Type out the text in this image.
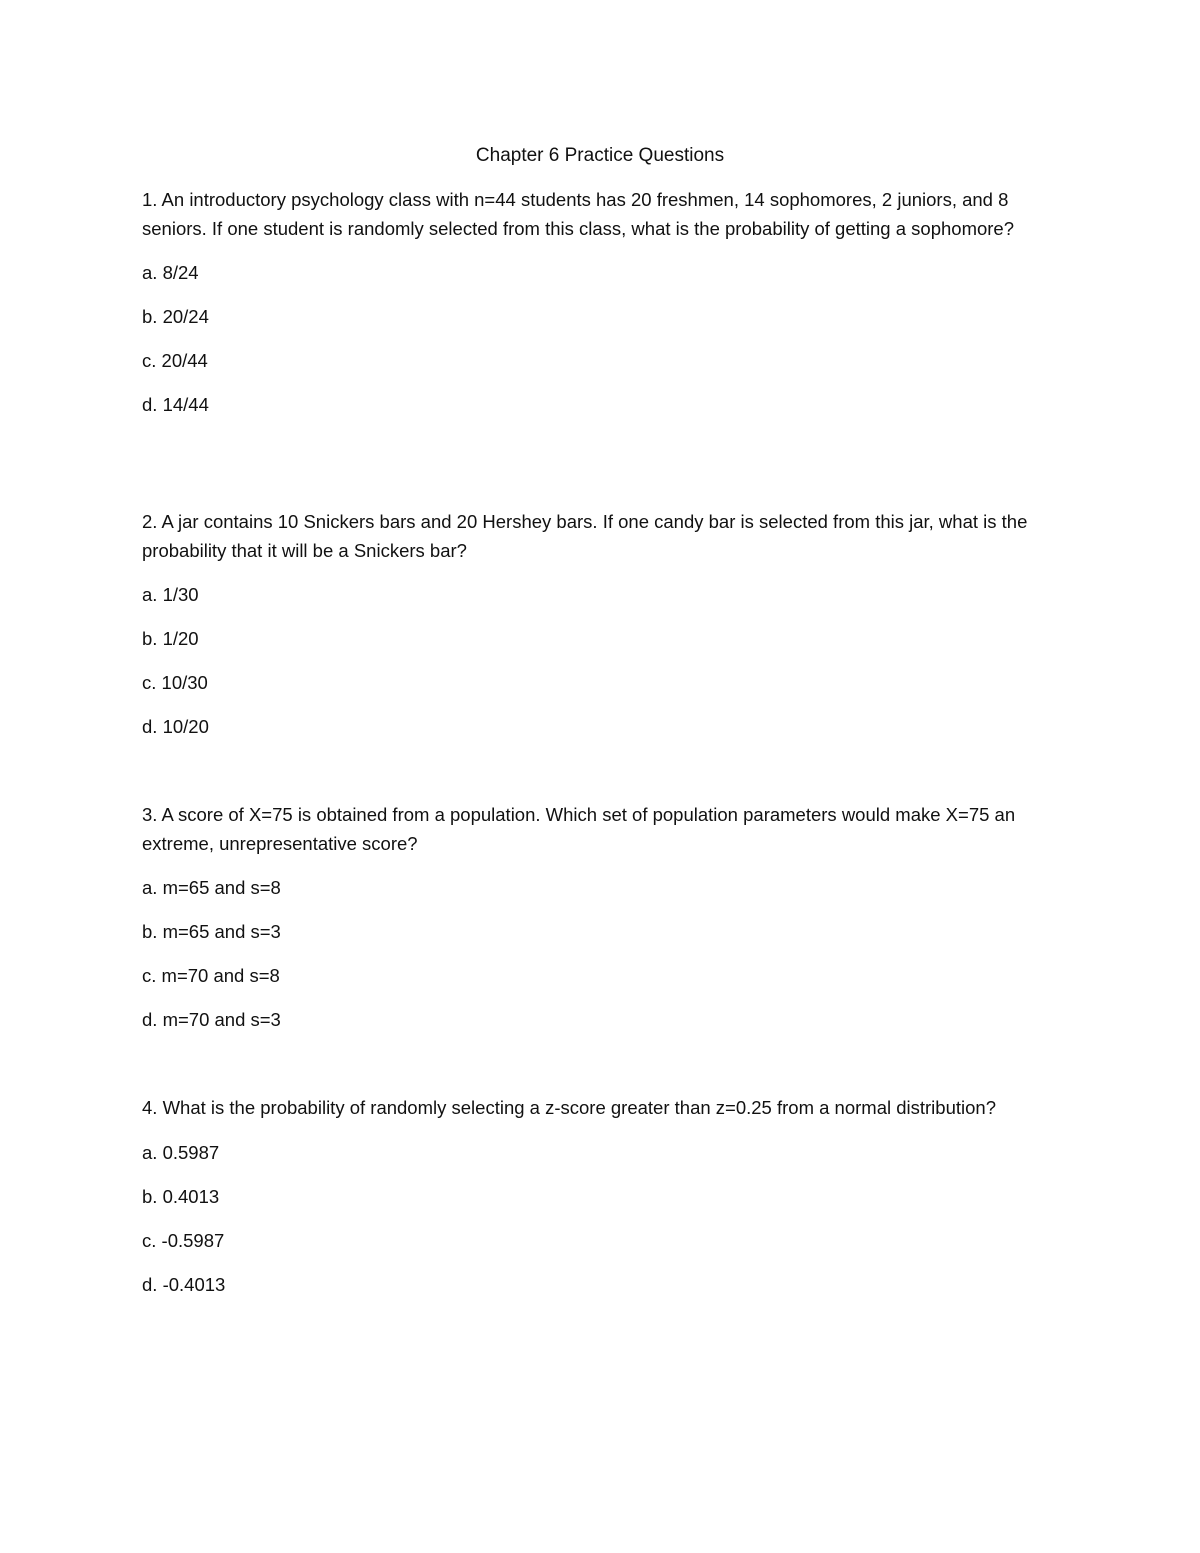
Chapter 6 Practice Questions

1. An introductory psychology class with n=44 students has 20 freshmen, 14 sophomores, 2 juniors, and 8 seniors. If one student is randomly selected from this class, what is the probability of getting a sophomore?

a. 8/24

b. 20/24

c. 20/44

d. 14/44

2. A jar contains 10 Snickers bars and 20 Hershey bars. If one candy bar is selected from this jar, what is the probability that it will be a Snickers bar?

a. 1/30

b. 1/20

c. 10/30

d. 10/20

3. A score of X=75 is obtained from a population. Which set of population parameters would make X=75 an extreme, unrepresentative score?

a. m=65 and s=8

b. m=65 and s=3

c. m=70 and s=8

d. m=70 and s=3

4. What is the probability of randomly selecting a z-score greater than z=0.25 from a normal distribution?

a. 0.5987

b. 0.4013

c. -0.5987

d. -0.4013
